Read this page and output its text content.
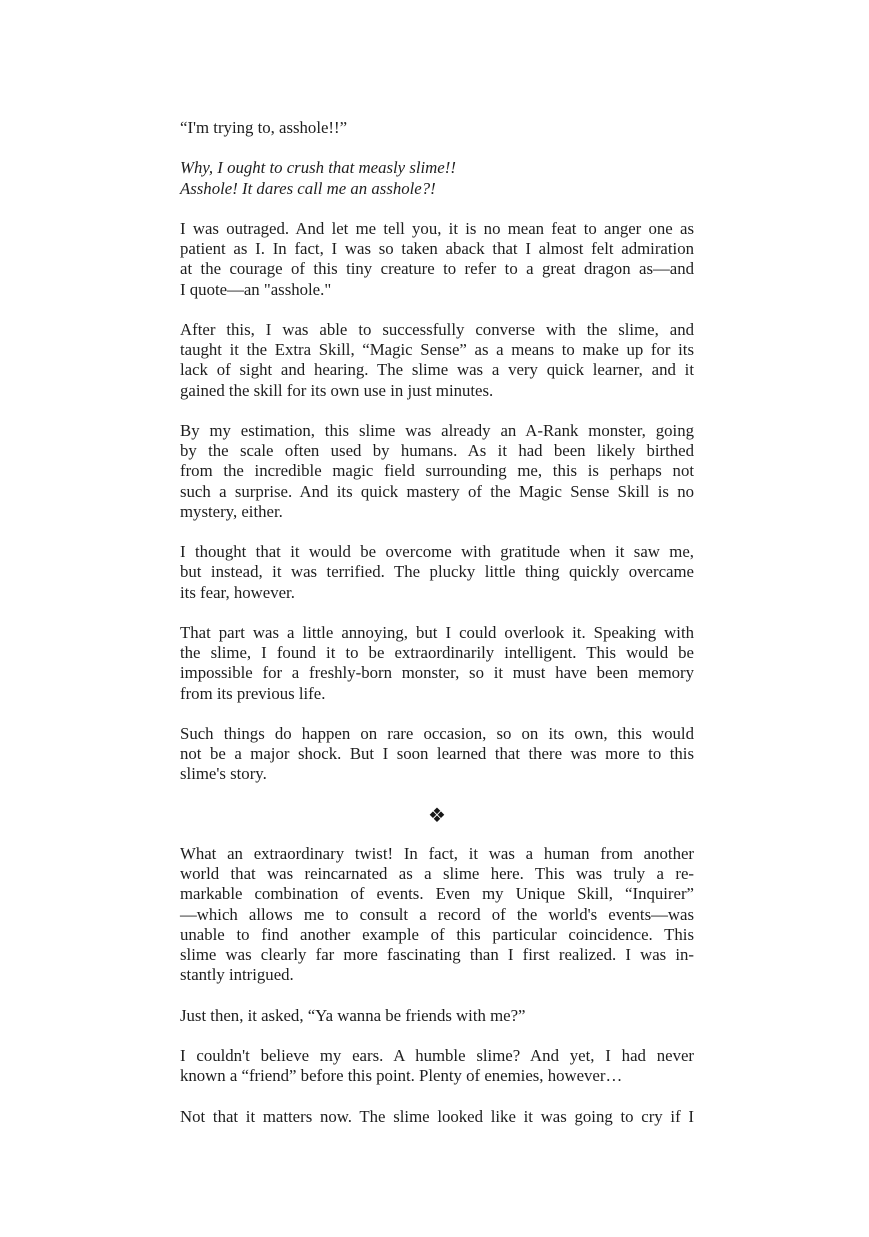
“I'm trying to, asshole!!”
Why, I ought to crush that measly slime!!
Asshole! It dares call me an asshole?!
I was outraged. And let me tell you, it is no mean feat to anger one as
patient as I. In fact, I was so taken aback that I almost felt admiration
at the courage of this tiny creature to refer to a great dragon as—and
I quote—an "asshole."
After this, I was able to successfully converse with the slime, and
taught it the Extra Skill, “Magic Sense” as a means to make up for its
lack of sight and hearing. The slime was a very quick learner, and it
gained the skill for its own use in just minutes.
By my estimation, this slime was already an A-Rank monster, going
by the scale often used by humans. As it had been likely birthed
from the incredible magic field surrounding me, this is perhaps not
such a surprise. And its quick mastery of the Magic Sense Skill is no
mystery, either.
I thought that it would be overcome with gratitude when it saw me,
but instead, it was terrified. The plucky little thing quickly overcame
its fear, however.
That part was a little annoying, but I could overlook it. Speaking with
the slime, I found it to be extraordinarily intelligent. This would be
impossible for a freshly-born monster, so it must have been memory
from its previous life.
Such things do happen on rare occasion, so on its own, this would
not be a major shock. But I soon learned that there was more to this
slime's story.
❖
What an extraordinary twist! In fact, it was a human from another
world that was reincarnated as a slime here. This was truly a re-
markable combination of events. Even my Unique Skill, “Inquirer”
—which allows me to consult a record of the world's events—was
unable to find another example of this particular coincidence. This
slime was clearly far more fascinating than I first realized. I was in-
stantly intrigued.
Just then, it asked, “Ya wanna be friends with me?”
I couldn't believe my ears. A humble slime? And yet, I had never
known a “friend” before this point. Plenty of enemies, however…
Not that it matters now. The slime looked like it was going to cry if I
